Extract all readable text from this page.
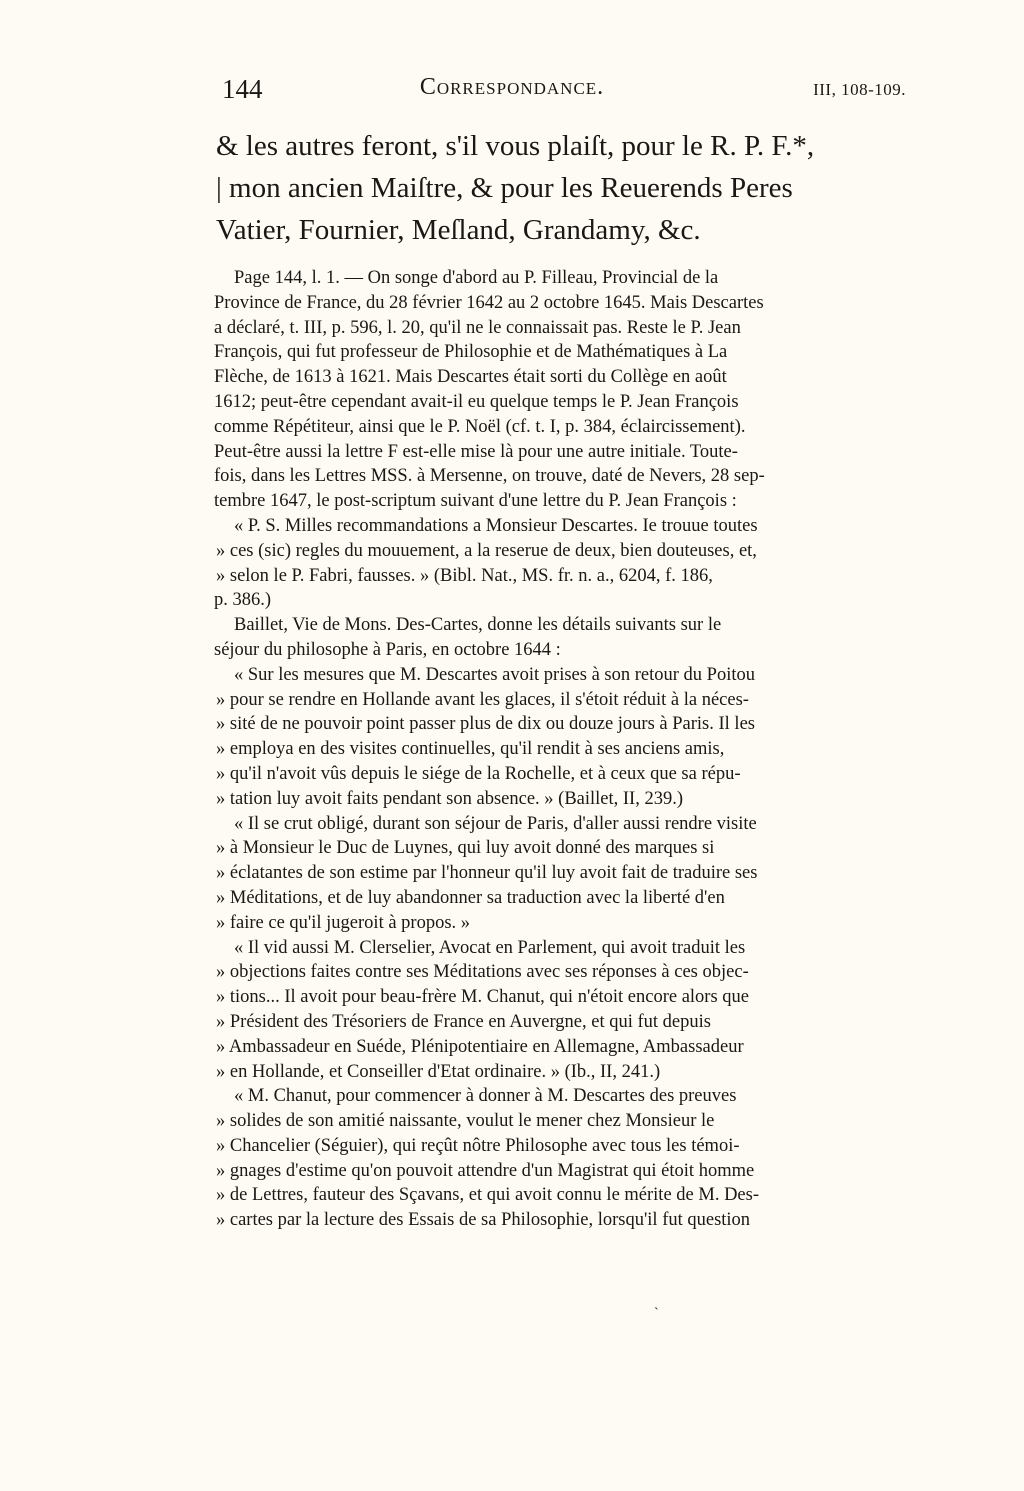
144	Correspondance.	III, 108-109.
& les autres feront, s'il vous plaiſt, pour le R. P. F.*,
| mon ancien Maiſtre, & pour les Reuerends Peres
Vatier, Fournier, Meſland, Grandamy, &c.
Page 144, l. 1. — On songe d'abord au P. Filleau, Provincial de la
Province de France, du 28 février 1642 au 2 octobre 1645. Mais Descartes
a déclaré, t. III, p. 596, l. 20, qu'il ne le connaissait pas. Reste le P. Jean
François, qui fut professeur de Philosophie et de Mathématiques à La
Flèche, de 1613 à 1621. Mais Descartes était sorti du Collège en août
1612; peut-être cependant avait-il eu quelque temps le P. Jean François
comme Répétiteur, ainsi que le P. Noël (cf. t. I, p. 384, éclaircissement).
Peut-être aussi la lettre F est-elle mise là pour une autre initiale. Toute-
fois, dans les Lettres MSS. à Mersenne, on trouve, daté de Nevers, 28 sep-
tembre 1647, le post-scriptum suivant d'une lettre du P. Jean François :
« P. S. Milles recommandations a Monsieur Descartes. Ie trouue toutes
» ces (sic) regles du mouuement, a la reserue de deux, bien douteuses, et,
» selon le P. Fabri, fausses. » (Bibl. Nat., MS. fr. n. a., 6204, f. 186,
p. 386.)
Baillet, Vie de Mons. Des-Cartes, donne les détails suivants sur le
séjour du philosophe à Paris, en octobre 1644 :
« Sur les mesures que M. Descartes avoit prises à son retour du Poitou
» pour se rendre en Hollande avant les glaces, il s'étoit réduit à la néces-
» sité de ne pouvoir point passer plus de dix ou douze jours à Paris. Il les
» employa en des visites continuelles, qu'il rendit à ses anciens amis,
» qu'il n'avoit vûs depuis le siége de la Rochelle, et à ceux que sa répu-
» tation luy avoit faits pendant son absence. » (Baillet, II, 239.)
« Il se crut obligé, durant son séjour de Paris, d'aller aussi rendre visite
» à Monsieur le Duc de Luynes, qui luy avoit donné des marques si
» éclatantes de son estime par l'honneur qu'il luy avoit fait de traduire ses
» Méditations, et de luy abandonner sa traduction avec la liberté d'en
» faire ce qu'il jugeroit à propos. »
« Il vid aussi M. Clerselier, Avocat en Parlement, qui avoit traduit les
» objections faites contre ses Méditations avec ses réponses à ces objec-
» tions... Il avoit pour beau-frère M. Chanut, qui n'étoit encore alors que
» Président des Trésoriers de France en Auvergne, et qui fut depuis
» Ambassadeur en Suéde, Plénipotentiaire en Allemagne, Ambassadeur
» en Hollande, et Conseiller d'Etat ordinaire. » (Ib., II, 241.)
« M. Chanut, pour commencer à donner à M. Descartes des preuves
» solides de son amitié naissante, voulut le mener chez Monsieur le
» Chancelier (Séguier), qui reçût nôtre Philosophe avec tous les témoi-
» gnages d'estime qu'on pouvoit attendre d'un Magistrat qui étoit homme
» de Lettres, fauteur des Sçavans, et qui avoit connu le mérite de M. Des-
» cartes par la lecture des Essais de sa Philosophie, lorsqu'il fut question
ˋ
